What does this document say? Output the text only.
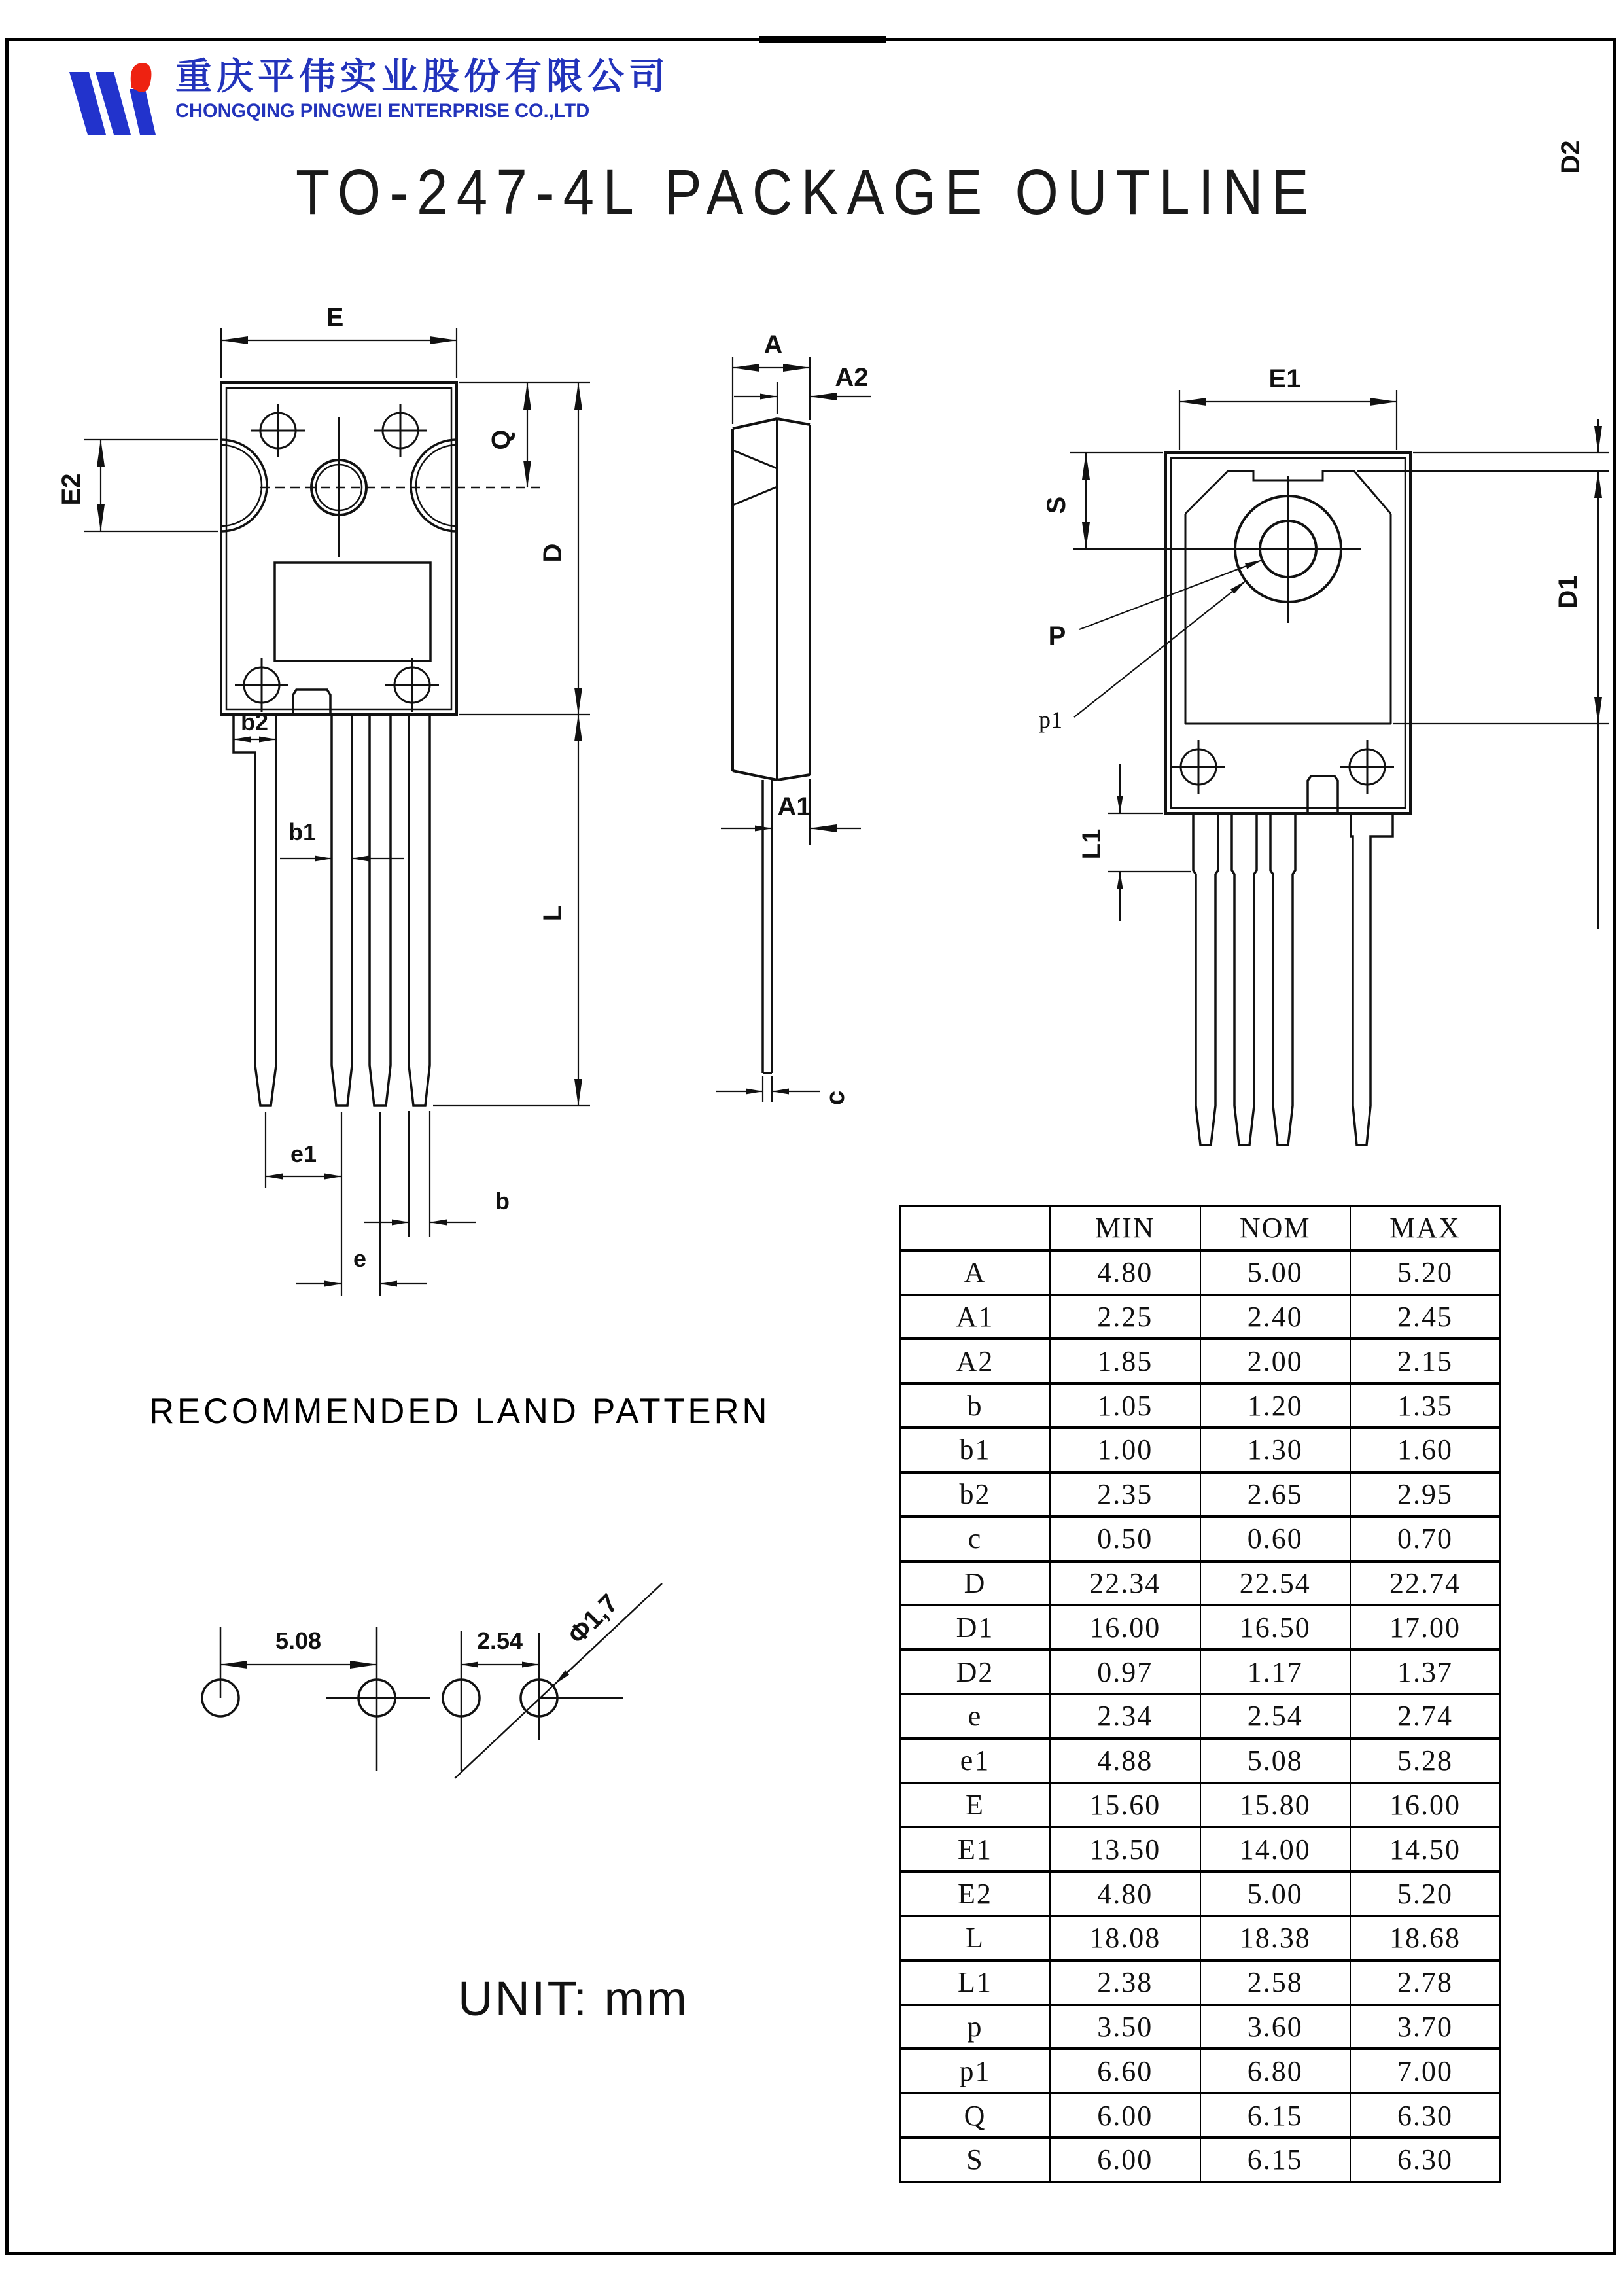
重庆平伟实业股份有限公司
CHONGQING PINGWEI ENTERPRISE CO.,LTD
TO-247-4L PACKAGE OUTLINE
RECOMMENDED LAND PATTERN
UNIT: mm
E
Q
E2
D
L
b2
b1
e1
e
b
A
A2
A1
c
E1
D2
S
D1
L1
P
p1
5.08	2.54 Φ1,7
	MIN	NOM	MAX
A	4.80	5.00	5.20
A1	2.25	2.40	2.45
A2	1.85	2.00	2.15
b	1.05	1.20	1.35
b1	1.00	1.30	1.60
b2	2.35	2.65	2.95
c	0.50	0.60	0.70
D	22.34	22.54	22.74
D1	16.00	16.50	17.00
D2	0.97	1.17	1.37
e	2.34	2.54	2.74
e1	4.88	5.08	5.28
E	15.60	15.80	16.00
E1	13.50	14.00	14.50
E2	4.80	5.00	5.20
L	18.08	18.38	18.68
L1	2.38	2.58	2.78
p	3.50	3.60	3.70
p1	6.60	6.80	7.00
Q	6.00	6.15	6.30
S	6.00	6.15	6.30
